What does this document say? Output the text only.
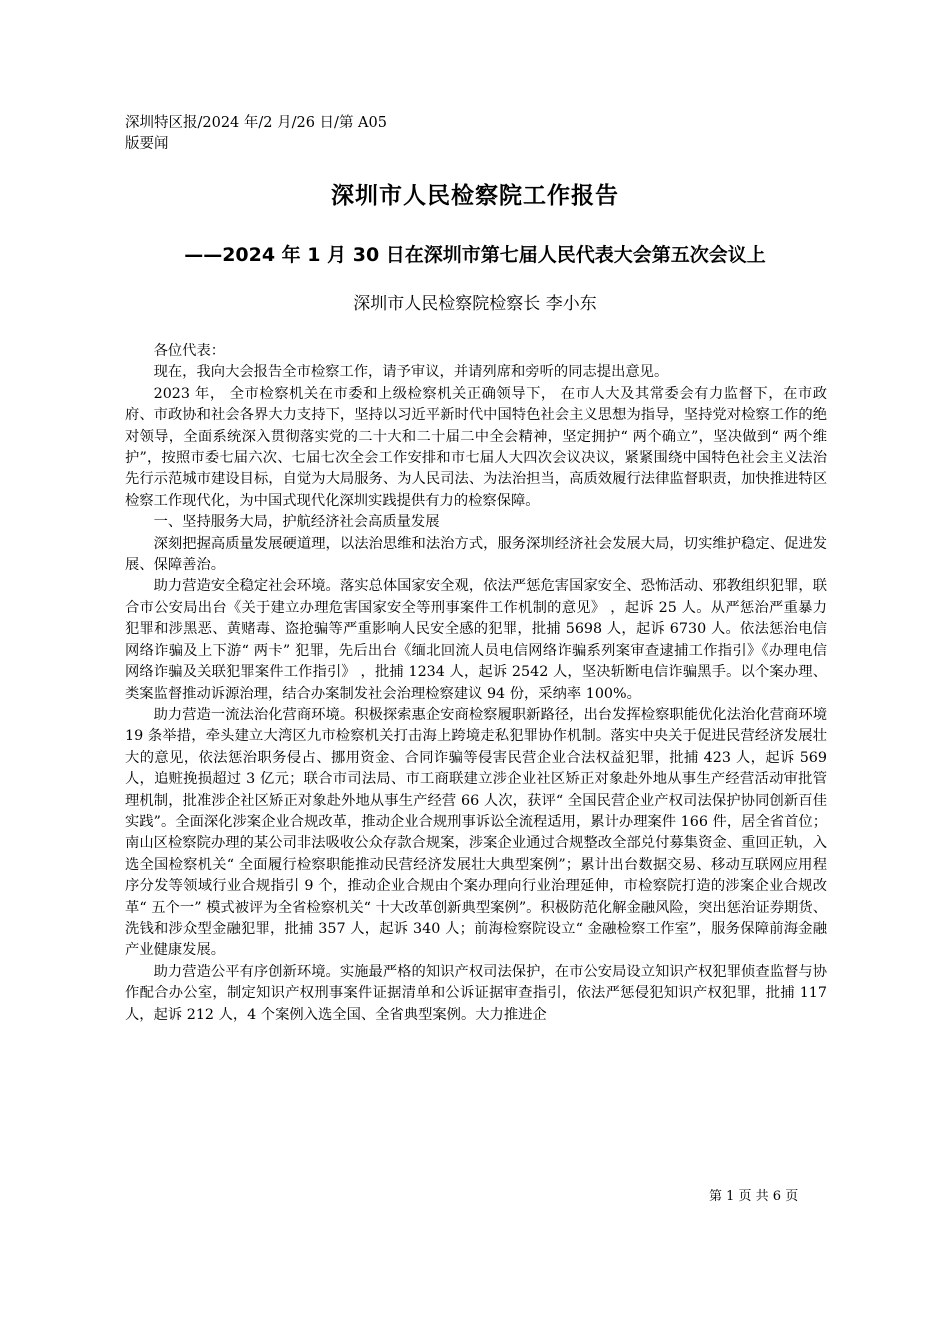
深圳特区报/2024 年/2 月/26 日/第 A05
版要闻
深圳市人民检察院工作报告
——2024 年 1 月 30 日在深圳市第七届人民代表大会第五次会议上
深圳市人民检察院检察长 李小东

各位代表：

现在，我向大会报告全市检察工作，请予审议，并请列席和旁听的同志提出意见。

2023 年， 全市检察机关在市委和上级检察机关正确领导下， 在市人大及其常委会有力监督下，在市政府、市政协和社会各界大力支持下，坚持以习近平新时代中国特色社会主义思想为指导，坚持党对检察工作的绝对领导，全面系统深入贯彻落实党的二十大和二十届二中全会精神，坚定拥护“ 两个确立”，坚决做到“ 两个维护”，按照市委七届六次、七届七次全会工作安排和市七届人大四次会议决议，紧紧围绕中国特色社会主义法治先行示范城市建设目标，自觉为大局服务、为人民司法、为法治担当，高质效履行法律监督职责，加快推进特区检察工作现代化，为中国式现代化深圳实践提供有力的检察保障。

一、坚持服务大局，护航经济社会高质量发展

深刻把握高质量发展硬道理，以法治思维和法治方式，服务深圳经济社会发展大局，切实维护稳定、促进发展、保障善治。

助力营造安全稳定社会环境。落实总体国家安全观，依法严惩危害国家安全、恐怖活动、邪教组织犯罪，联合市公安局出台《关于建立办理危害国家安全等刑事案件工作机制的意见》 ，起诉 25 人。从严惩治严重暴力犯罪和涉黑恶、黄赌毒、盗抢骗等严重影响人民安全感的犯罪，批捕 5698 人，起诉 6730 人。依法惩治电信网络诈骗及上下游“ 两卡” 犯罪，先后出台《缅北回流人员电信网络诈骗系列案审查逮捕工作指引》《办理电信网络诈骗及关联犯罪案件工作指引》 ，批捕 1234 人，起诉 2542 人，坚决斩断电信诈骗黑手。以个案办理、类案监督推动诉源治理，结合办案制发社会治理检察建议 94 份，采纳率 100%。

助力营造一流法治化营商环境。积极探索惠企安商检察履职新路径，出台发挥检察职能优化法治化营商环境 19 条举措，牵头建立大湾区九市检察机关打击海上跨境走私犯罪协作机制。落实中央关于促进民营经济发展壮大的意见，依法惩治职务侵占、挪用资金、合同诈骗等侵害民营企业合法权益犯罪，批捕 423 人，起诉 569 人，追赃挽损超过 3 亿元；联合市司法局、市工商联建立涉企业社区矫正对象赴外地从事生产经营活动审批管理机制，批准涉企社区矫正对象赴外地从事生产经营 66 人次，获评“ 全国民营企业产权司法保护协同创新百佳实践”。全面深化涉案企业合规改革，推动企业合规刑事诉讼全流程适用，累计办理案件 166 件，居全省首位；南山区检察院办理的某公司非法吸收公众存款合规案，涉案企业通过合规整改全部兑付募集资金、重回正轨，入选全国检察机关“ 全面履行检察职能推动民营经济发展壮大典型案例”；累计出台数据交易、移动互联网应用程序分发等领域行业合规指引 9 个，推动企业合规由个案办理向行业治理延伸，市检察院打造的涉案企业合规改革“ 五个一” 模式被评为全省检察机关“ 十大改革创新典型案例”。积极防范化解金融风险，突出惩治证券期货、洗钱和涉众型金融犯罪，批捕 357 人，起诉 340 人；前海检察院设立“ 金融检察工作室”，服务保障前海金融产业健康发展。

助力营造公平有序创新环境。实施最严格的知识产权司法保护，在市公安局设立知识产权犯罪侦查监督与协作配合办公室，制定知识产权刑事案件证据清单和公诉证据审查指引，依法严惩侵犯知识产权犯罪，批捕 117 人，起诉 212 人，4 个案例入选全国、全省典型案例。大力推进企

第 1 页 共 6 页
